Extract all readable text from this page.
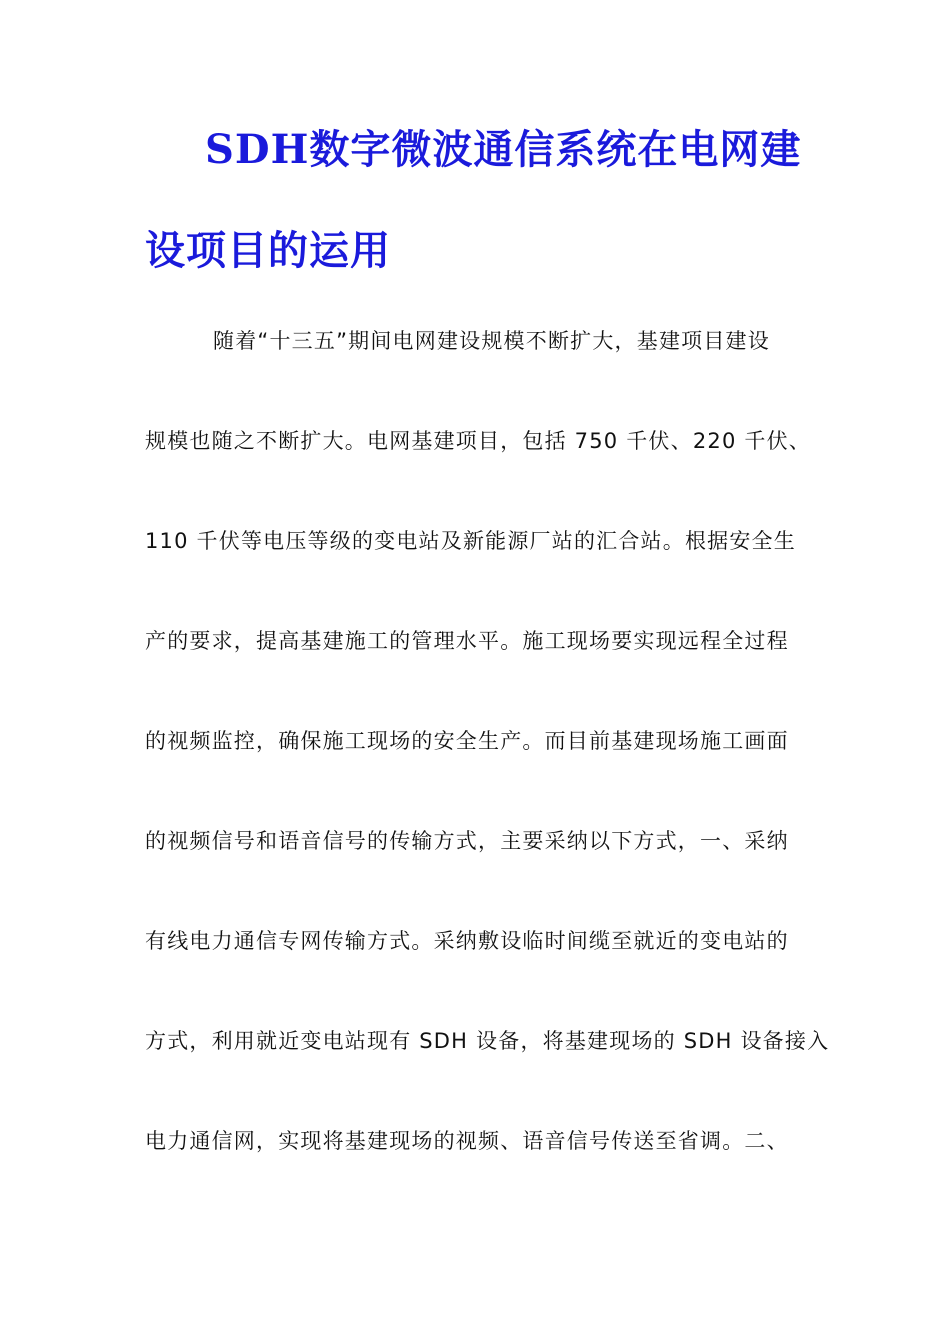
SDH数字微波通信系统在电网建
设项目的运用
随着“十三五”期间电网建设规模不断扩大，基建项目建设
规模也随之不断扩大。电网基建项目，包括 750 千伏、220 千伏、
110 千伏等电压等级的变电站及新能源厂站的汇合站。根据安全生
产的要求，提高基建施工的管理水平。施工现场要实现远程全过程
的视频监控，确保施工现场的安全生产。而目前基建现场施工画面
的视频信号和语音信号的传输方式，主要采纳以下方式，一、采纳
有线电力通信专网传输方式。采纳敷设临时间缆至就近的变电站的
方式，利用就近变电站现有 SDH 设备，将基建现场的 SDH 设备接入
电力通信网，实现将基建现场的视频、语音信号传送至省调。二、
